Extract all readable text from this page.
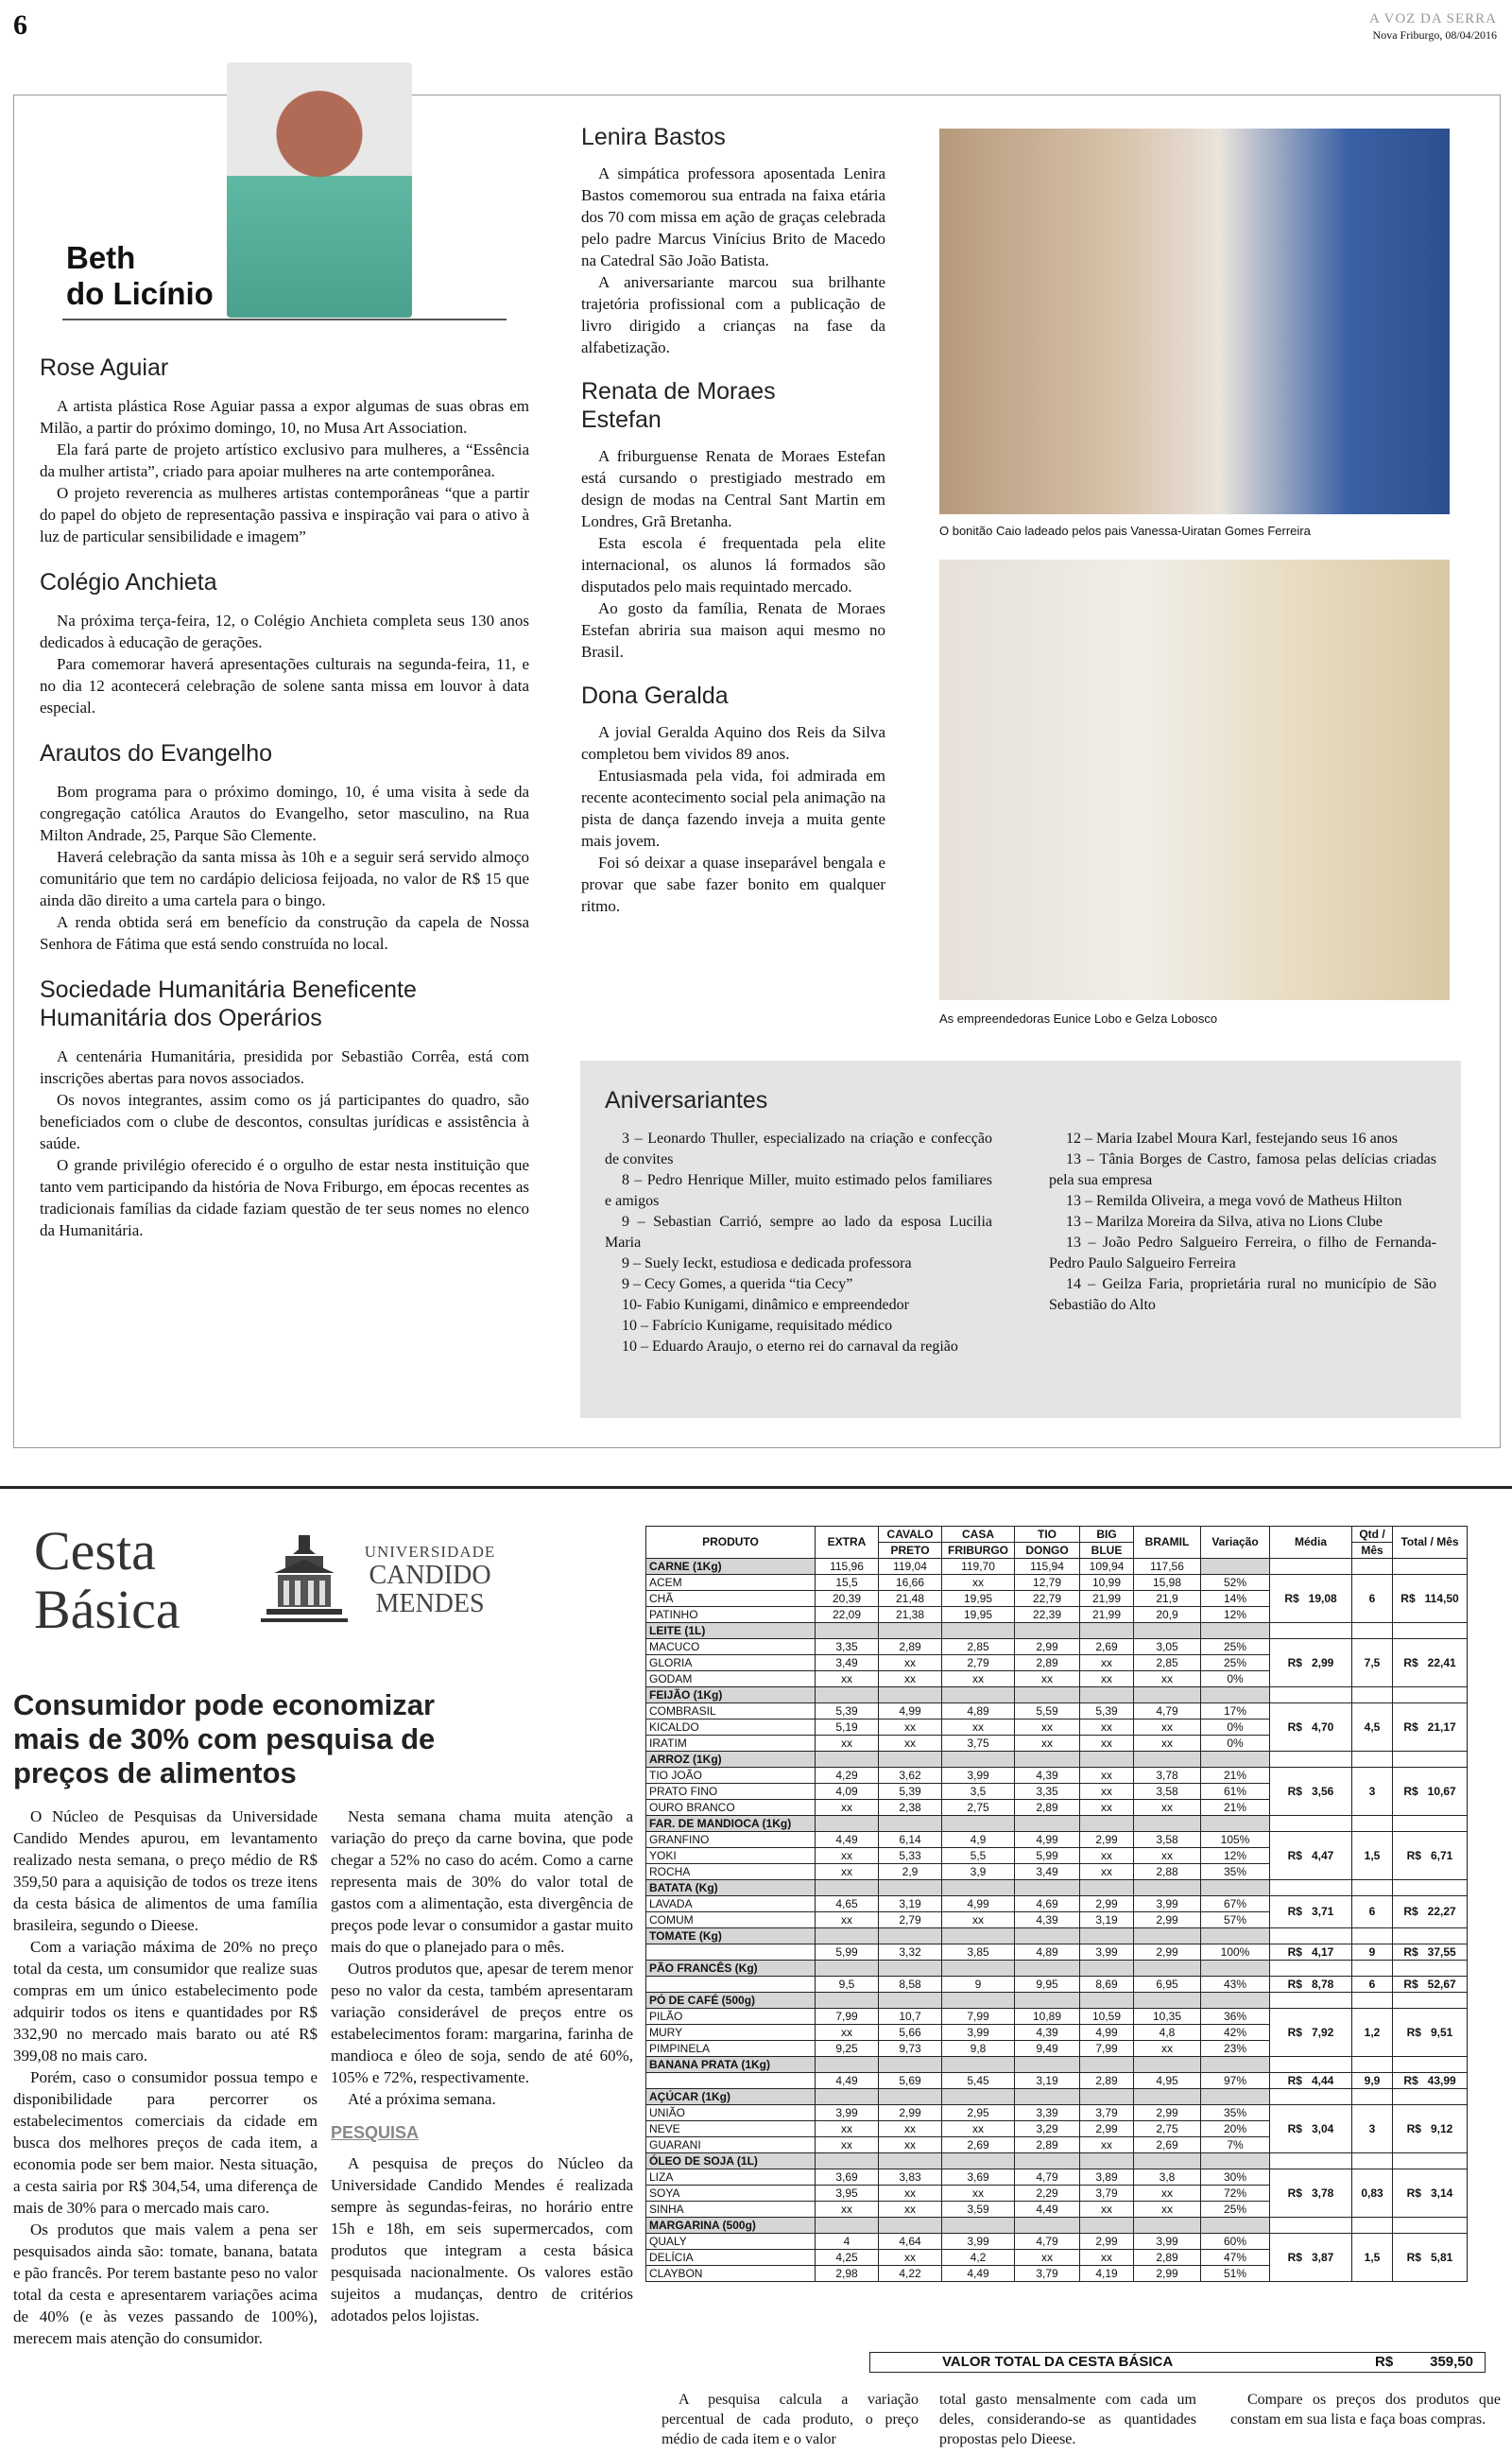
6	A VOZ DA SERRA
Nova Friburgo, 08/04/2016
Beth
do Licínio
Rose Aguiar

A artista plástica Rose Aguiar passa a expor algumas de suas obras em Milão, a partir do próximo domingo, 10, no Musa Art Association.

Ela fará parte de projeto artístico exclusivo para mulheres, a “Essência da mulher artista”, criado para apoiar mulheres na arte contemporânea.

O projeto reverencia as mulheres artistas contemporâneas “que a partir do papel do objeto de representação passiva e inspiração vai para o ativo à luz de particular sensibilidade e imagem”

Colégio Anchieta

Na próxima terça-feira, 12, o Colégio Anchieta completa seus 130 anos dedicados à educação de gerações.

Para comemorar haverá apresentações culturais na segunda-feira, 11, e no dia 12 acontecerá celebração de solene santa missa em louvor à data especial.

Arautos do Evangelho

Bom programa para o próximo domingo, 10, é uma visita à sede da congregação católica Arautos do Evangelho, setor masculino, na Rua Milton Andrade, 25, Parque São Clemente.

Haverá celebração da santa missa às 10h e a seguir será servido almoço comunitário que tem no cardápio deliciosa feijoada, no valor de R$ 15 que ainda dão direito a uma cartela para o bingo.

A renda obtida será em benefício da construção da capela de Nossa Senhora de Fátima que está sendo construída no local.

Sociedade Humanitária Beneficente
Humanitária dos Operários

A centenária Humanitária, presidida por Sebastião Corrêa, está com inscrições abertas para novos associados.

Os novos integrantes, assim como os já participantes do quadro, são beneficiados com o clube de descontos, consultas jurídicas e assistência à saúde.

O grande privilégio oferecido é o orgulho de estar nesta instituição que tanto vem participando da história de Nova Friburgo, em épocas recentes as tradicionais famílias da cidade faziam questão de ter seus nomes no elenco da Humanitária.

Lenira Bastos

A simpática professora aposentada Lenira Bastos comemorou sua entrada na faixa etária dos 70 com missa em ação de graças celebrada pelo padre Marcus Vinícius Brito de Macedo na Catedral São João Batista.

A aniversariante marcou sua brilhante trajetória profissional com a publicação de livro dirigido a crianças na fase da alfabetização.

Renata de Moraes
Estefan

A friburguense Renata de Moraes Estefan está cursando o prestigiado mestrado em design de modas na Central Sant Martin em Londres, Grã Bretanha.

Esta escola é frequentada pela elite internacional, os alunos lá formados são disputados pelo mais requintado mercado.

Ao gosto da família, Renata de Moraes Estefan abriria sua maison aqui mesmo no Brasil.

Dona Geralda

A jovial Geralda Aquino dos Reis da Silva completou bem vividos 89 anos.

Entusiasmada pela vida, foi admirada em recente acontecimento social pela animação na pista de dança fazendo inveja a muita gente mais jovem.

Foi só deixar a quase inseparável bengala e provar que sabe fazer bonito em qualquer ritmo.

O bonitão Caio ladeado pelos pais Vanessa-Uiratan Gomes Ferreira
As empreendedoras Eunice Lobo e Gelza Lobosco
Aniversariantes

3 – Leonardo Thuller, especializado na criação e confecção de convites

8 – Pedro Henrique Miller, muito estimado pelos familiares e amigos

9 – Sebastian Carrió, sempre ao lado da esposa Lucilia Maria

9 – Suely Ieckt, estudiosa e dedicada professora

9 – Cecy Gomes, a querida “tia Cecy”

10- Fabio Kunigami, dinâmico e empreendedor

10 – Fabrício Kunigame, requisitado médico

10 – Eduardo Araujo, o eterno rei do carnaval da região

12 – Maria Izabel Moura Karl, festejando seus 16 anos

13 – Tânia Borges de Castro, famosa pelas delícias criadas pela sua empresa

13 – Remilda Oliveira, a mega vovó de Matheus Hilton

13 – Marilza Moreira da Silva, ativa no Lions Clube

13 – João Pedro Salgueiro Ferreira, o filho de Fernanda-Pedro Paulo Salgueiro Ferreira

14 – Geilza Faria, proprietária rural no município de São Sebastião do Alto

Cesta
Básica
UNIVERSIDADE
CANDIDO
MENDES
Consumidor pode economizar mais de 30% com pesquisa de preços de alimentos

O Núcleo de Pesquisas da Universidade Candido Mendes apurou, em levantamento realizado nesta semana, o preço médio de R$ 359,50 para a aquisição de todos os treze itens da cesta básica de alimentos de uma família brasileira, segundo o Dieese.

Com a variação máxima de 20% no preço total da cesta, um consumidor que realize suas compras em um único estabelecimento pode adquirir todos os itens e quantidades por R$ 332,90 no mercado mais barato ou até R$ 399,08 no mais caro.

Porém, caso o consumidor possua tempo e disponibilidade para percorrer os estabelecimentos comerciais da cidade em busca dos melhores preços de cada item, a economia pode ser bem maior. Nesta situação, a cesta sairia por R$ 304,54, uma diferença de mais de 30% para o mercado mais caro.

Os produtos que mais valem a pena ser pesquisados ainda são: tomate, banana, batata e pão francês. Por terem bastante peso no valor total da cesta e apresentarem variações acima de 40% (e às vezes passando de 100%), merecem mais atenção do consumidor.

Nesta semana chama muita atenção a variação do preço da carne bovina, que pode chegar a 52% no caso do acém. Como a carne representa mais de 30% do valor total de gastos com a alimentação, esta divergência de preços pode levar o consumidor a gastar muito mais do que o planejado para o mês.

Outros produtos que, apesar de terem menor peso no valor da cesta, também apresentaram variação considerável de preços entre os estabelecimentos foram: margarina, farinha de mandioca e óleo de soja, sendo de até 60%, 105% e 72%, respectivamente.

Até a próxima semana.

PESQUISA

A pesquisa de preços do Núcleo da Universidade Candido Mendes é realizada sempre às segundas-feiras, no horário entre 15h e 18h, em seis supermercados, com produtos que integram a cesta básica pesquisada nacionalmente. Os valores estão sujeitos a mudanças, dentro de critérios adotados pelos lojistas.

PRODUTO	EXTRA	CAVALO	CASA	TIO	BIG	BRAMIL	Variação	Média	Qtd /	Total / Mês
		PRETO	FRIBURGO	DONGO	BLUE				Mês	
CARNE (1Kg)	115,96	119,04	119,70	115,94	109,94	117,56				
ACEM	15,5	16,66	xx	12,79	10,99	15,98	52%	R$ 19,08	6	R$ 114,50
CHÃ	20,39	21,48	19,95	22,79	21,99	21,9	14%			
PATINHO	22,09	21,38	19,95	22,39	21,99	20,9	12%			
LEITE (1L)										
MACUCO	3,35	2,89	2,85	2,99	2,69	3,05	25%	R$ 2,99	7,5	R$ 22,41
GLORIA	3,49	xx	2,79	2,89	xx	2,85	25%			
GODAM	xx	xx	xx	xx	xx	xx	0%			
FEIJÃO (1Kg)										
COMBRASIL	5,39	4,99	4,89	5,59	5,39	4,79	17%	R$ 4,70	4,5	R$ 21,17
KICALDO	5,19	xx	xx	xx	xx	xx	0%			
IRATIM	xx	xx	3,75	xx	xx	xx	0%			
ARROZ (1Kg)										
TIO JOÃO	4,29	3,62	3,99	4,39	xx	3,78	21%	R$ 3,56	3	R$ 10,67
PRATO FINO	4,09	5,39	3,5	3,35	xx	3,58	61%			
OURO BRANCO	xx	2,38	2,75	2,89	xx	xx	21%			
FAR. DE MANDIOCA (1Kg)										
GRANFINO	4,49	6,14	4,9	4,99	2,99	3,58	105%	R$ 4,47	1,5	R$ 6,71
YOKI	xx	5,33	5,5	5,99	xx	xx	12%			
ROCHA	xx	2,9	3,9	3,49	xx	2,88	35%			
BATATA (Kg)										
LAVADA	4,65	3,19	4,99	4,69	2,99	3,99	67%	R$ 3,71	6	R$ 22,27
COMUM	xx	2,79	xx	4,39	3,19	2,99	57%			
TOMATE (Kg)										
	5,99	3,32	3,85	4,89	3,99	2,99	100%	R$ 4,17	9	R$ 37,55
PÃO FRANCÊS (Kg)										
	9,5	8,58	9	9,95	8,69	6,95	43%	R$ 8,78	6	R$ 52,67
PÓ DE CAFÉ (500g)										
PILÃO	7,99	10,7	7,99	10,89	10,59	10,35	36%	R$ 7,92	1,2	R$ 9,51
MURY	xx	5,66	3,99	4,39	4,99	4,8	42%			
PIMPINELA	9,25	9,73	9,8	9,49	7,99	xx	23%			
BANANA PRATA (1Kg)										
	4,49	5,69	5,45	3,19	2,89	4,95	97%	R$ 4,44	9,9	R$ 43,99
AÇÚCAR (1Kg)										
UNIÃO	3,99	2,99	2,95	3,39	3,79	2,99	35%	R$ 3,04	3	R$ 9,12
NEVE	xx	xx	xx	3,29	2,99	2,75	20%			
GUARANI	xx	xx	2,69	2,89	xx	2,69	7%			
ÓLEO DE SOJA (1L)										
LIZA	3,69	3,83	3,69	4,79	3,89	3,8	30%	R$ 3,78	0,83	R$ 3,14
SOYA	3,95	xx	xx	2,29	3,79	xx	72%			
SINHA	xx	xx	3,59	4,49	xx	xx	25%			
MARGARINA (500g)										
QUALY	4	4,64	3,99	4,79	2,99	3,99	60%	R$ 3,87	1,5	R$ 5,81
DELÍCIA	4,25	xx	4,2	xx	xx	2,89	47%			
CLAYBON	2,98	4,22	4,49	3,79	4,19	2,99	51%			
VALOR TOTAL DA CESTA BÁSICA	R$	359,50
A pesquisa calcula a variação percentual de cada produto, o preço médio de cada item e o valor
total gasto mensalmente com cada um deles, considerando-se as quantidades propostas pelo Dieese.
Compare os preços dos produtos que constam em sua lista e faça boas compras.
